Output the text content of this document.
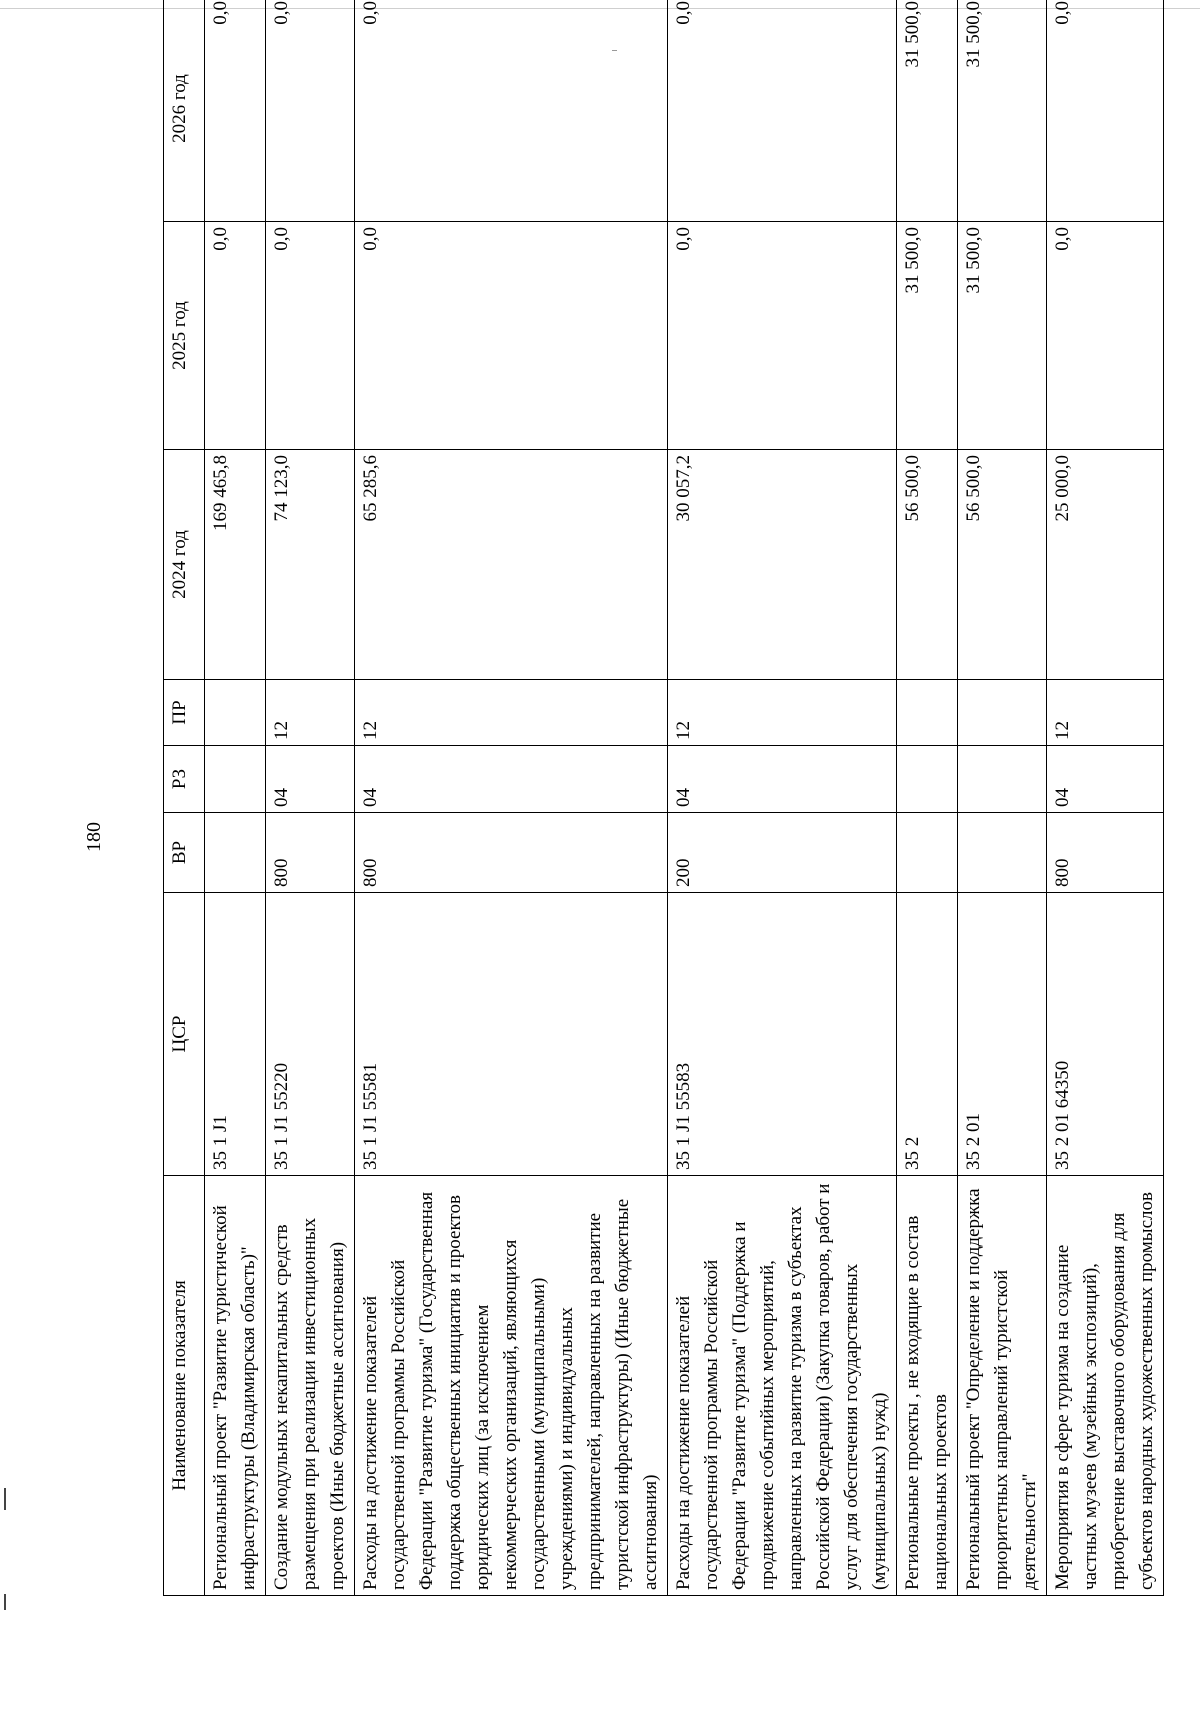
180
Наименование показателя	ЦСР	ВР	РЗ	ПР	2024 год	2025 год	2026 год
Региональный проект "Развитие туристической инфраструктуры (Владимирская область)"	35 1 J1				169 465,8	0,0	0,0
Создание модульных некапитальных средств размещения при реализации инвестиционных проектов (Иные бюджетные ассигнования)	35 1 J1 55220	800	04	12	74 123,0	0,0	0,0
Расходы на достижение показателей государственной программы Российской Федерации "Развитие туризма" (Государственная поддержка общественных инициатив и проектов юридических лиц (за исключением некоммерческих организаций, являющихся государственными (муниципальными) учреждениями) и индивидуальных предпринимателей, направленных на развитие туристской инфраструктуры) (Иные бюджетные ассигнования)	35 1 J1 55581	800	04	12	65 285,6	0,0	0,0
Расходы на достижение показателей государственной программы Российской Федерации "Развитие туризма" (Поддержка и продвижение событийных мероприятий, направленных на развитие туризма в субъектах Российской Федерации) (Закупка товаров, работ и услуг для обеспечения государственных (муниципальных) нужд)	35 1 J1 55583	200	04	12	30 057,2	0,0	0,0
Региональные проекты , не входящие в состав национальных проектов	35 2				56 500,0	31 500,0	31 500,0
Региональный проект "Определение и поддержка приоритетных направлений туристской деятельности"	35 2 01				56 500,0	31 500,0	31 500,0
Мероприятия в сфере туризма на создание частных музеев (музейных экспозиций), приобретение выставочного оборудования для субъектов народных художественных промыслов	35 2 01 64350	800	04	12	25 000,0	0,0	0,0
